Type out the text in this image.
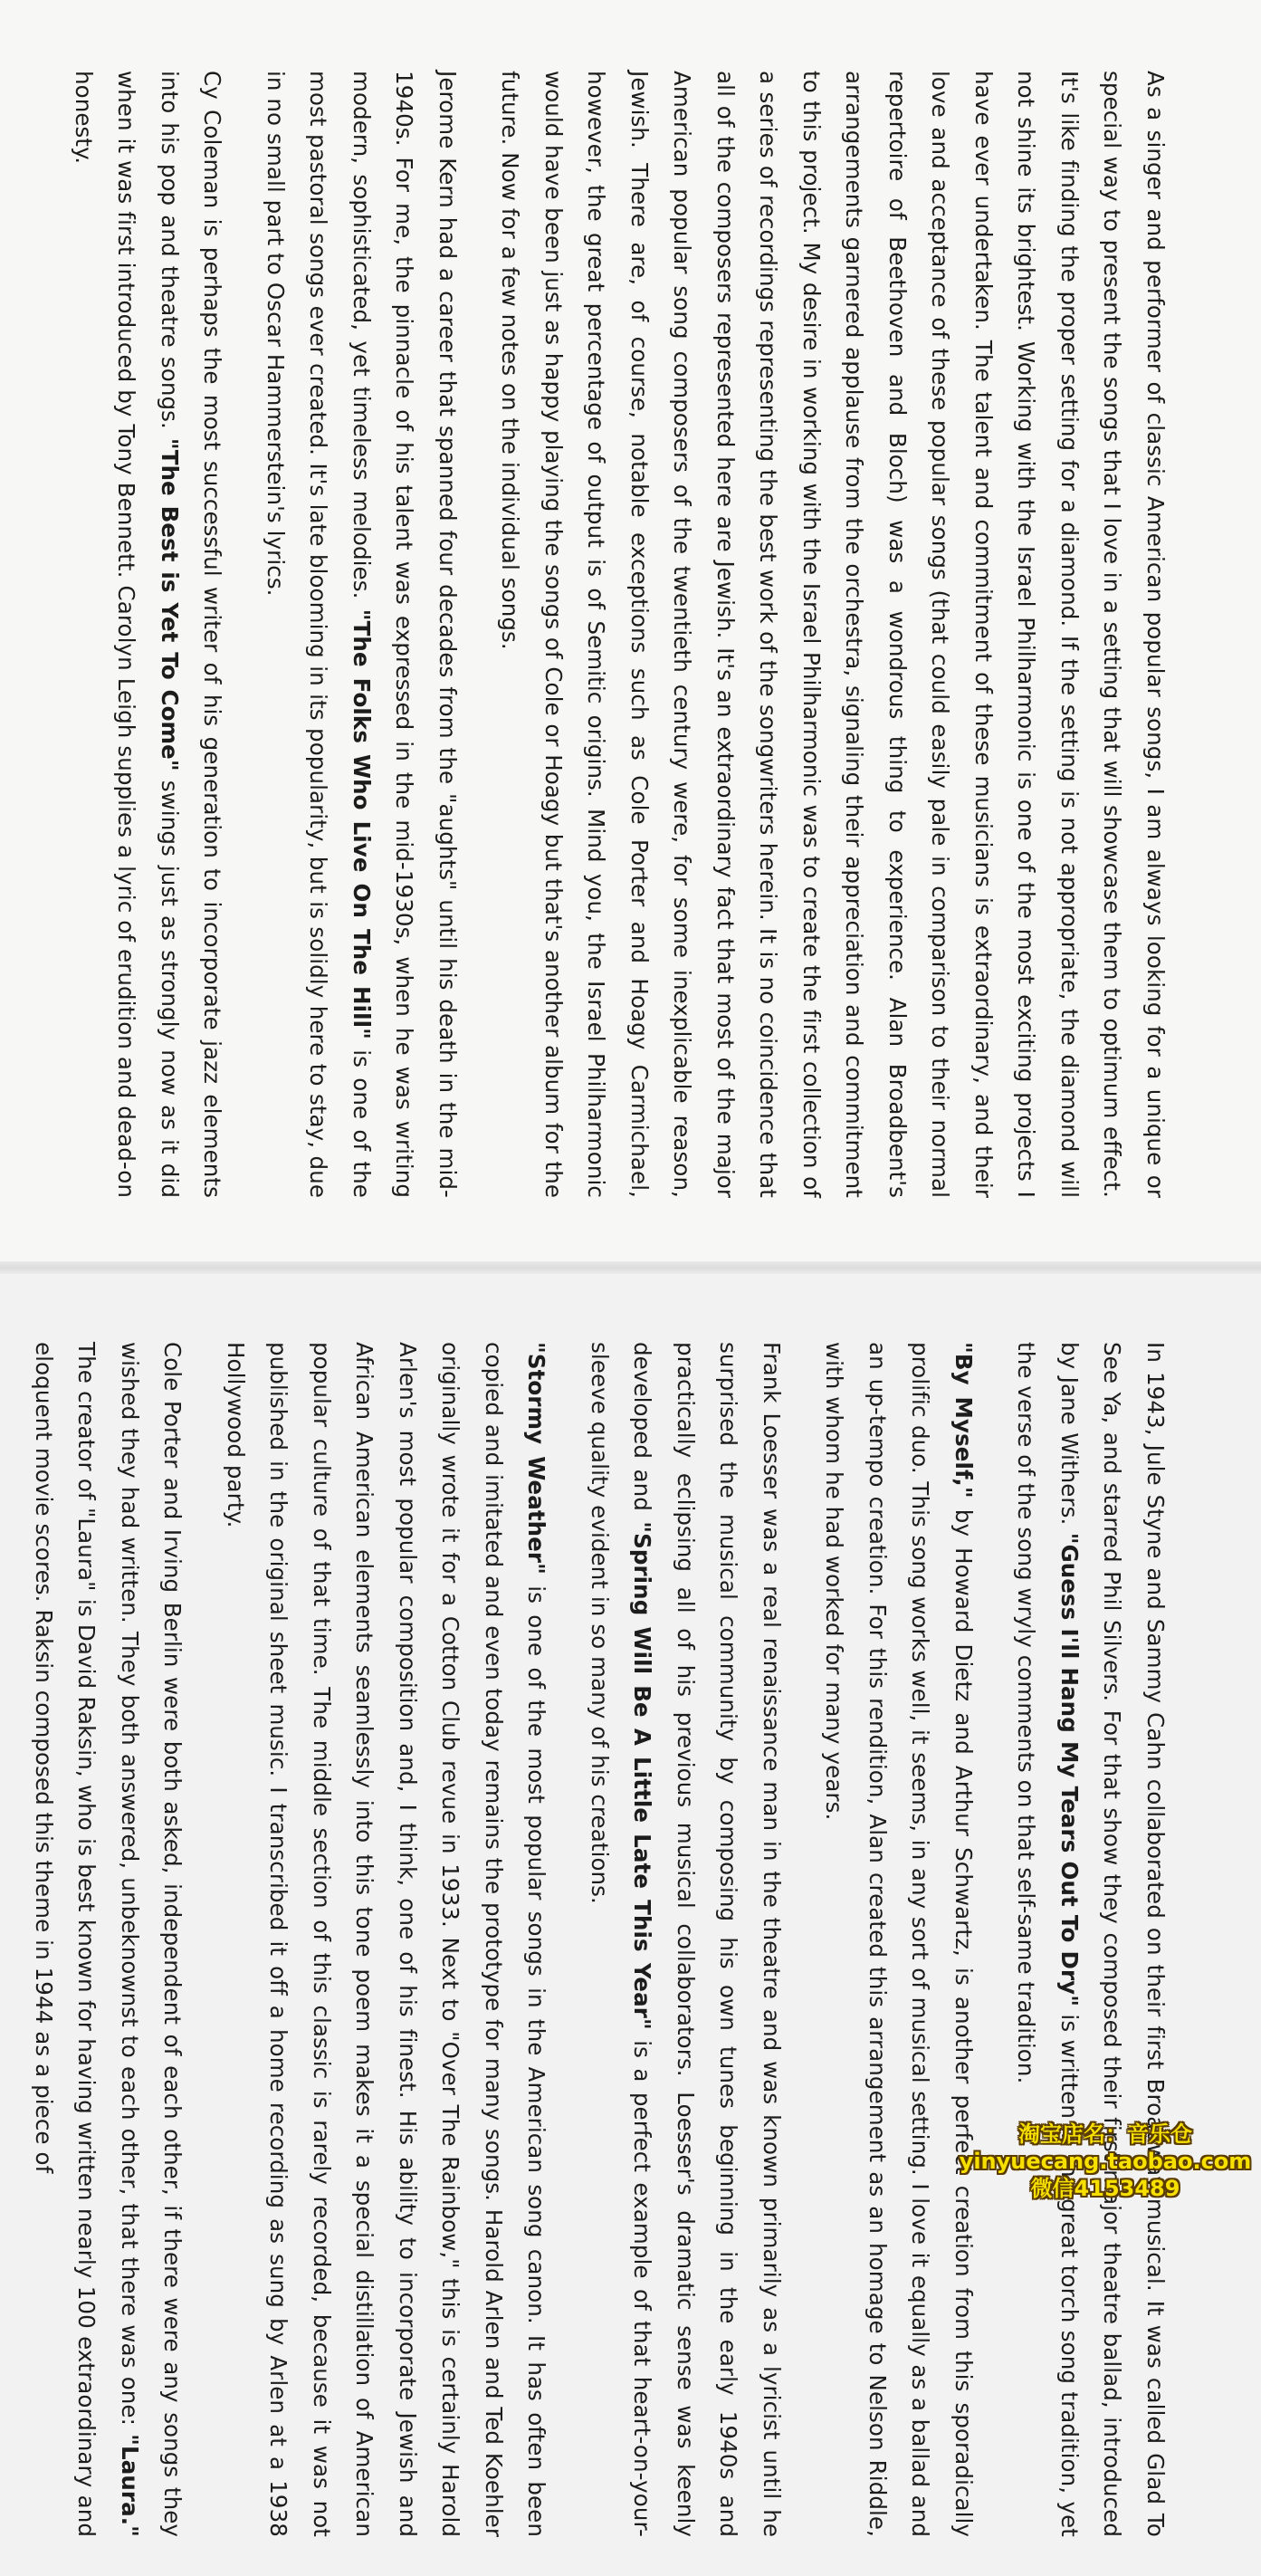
As a singer and performer of classic American popular songs, I am always looking for a unique or special way to present the songs that I love in a setting that will showcase them to optimum effect. It's like finding the proper setting for a diamond. If the setting is not appropriate, the diamond will not shine its brightest. Working with the Israel Philharmonic is one of the most exciting projects I have ever undertaken. The talent and commitment of these musicians is extraordinary, and their love and acceptance of these popular songs (that could easily pale in comparison to their normal repertoire of Beethoven and Bloch) was a wondrous thing to experience. Alan Broadbent's arrangements garnered applause from the orchestra, signaling their appreciation and commitment to this project. My desire in working with the Israel Philharmonic was to create the first collection of a series of recordings representing the best work of the songwriters herein. It is no coincidence that all of the composers represented here are Jewish. It's an extraordinary fact that most of the major American popular song composers of the twentieth century were, for some inexplicable reason, Jewish. There are, of course, notable exceptions such as Cole Porter and Hoagy Carmichael, however, the great percentage of output is of Semitic origins. Mind you, the Israel Philharmonic would have been just as happy playing the songs of Cole or Hoagy but that's another album for the future. Now for a few notes on the individual songs.

Jerome Kern had a career that spanned four decades from the "aughts" until his death in the mid-1940s. For me, the pinnacle of his talent was expressed in the mid-1930s, when he was writing modern, sophisticated, yet timeless melodies. "The Folks Who Live On The Hill" is one of the most pastoral songs ever created. It's late blooming in its popularity, but is solidly here to stay, due in no small part to Oscar Hammerstein's lyrics.

Cy Coleman is perhaps the most successful writer of his generation to incorporate jazz elements into his pop and theatre songs. "The Best is Yet To Come" swings just as strongly now as it did when it was first introduced by Tony Bennett. Carolyn Leigh supplies a lyric of erudition and dead-on honesty.

In 1943, Jule Styne and Sammy Cahn collaborated on their first Broadway musical. It was called Glad To See Ya, and starred Phil Silvers. For that show they composed their first major theatre ballad, introduced by Jane Withers. "Guess I'll Hang My Tears Out To Dry" is written in the great torch song tradition, yet the verse of the song wryly comments on that self-same tradition.

"By Myself," by Howard Dietz and Arthur Schwartz, is another perfect creation from this sporadically prolific duo. This song works well, it seems, in any sort of musical setting. I love it equally as a ballad and an up-tempo creation. For this rendition, Alan created this arrangement as an homage to Nelson Riddle, with whom he had worked for many years.

Frank Loesser was a real renaissance man in the theatre and was known primarily as a lyricist until he surprised the musical community by composing his own tunes beginning in the early 1940s and practically eclipsing all of his previous musical collaborators. Loesser's dramatic sense was keenly developed and "Spring Will Be A Little Late This Year" is a perfect example of that heart-on-your-sleeve quality evident in so many of his creations.

"Stormy Weather" is one of the most popular songs in the American song canon. It has often been copied and imitated and even today remains the prototype for many songs. Harold Arlen and Ted Koehler originally wrote it for a Cotton Club revue in 1933. Next to "Over The Rainbow," this is certainly Harold Arlen's most popular composition and, I think, one of his finest. His ability to incorporate Jewish and African American elements seamlessly into this tone poem makes it a special distillation of American popular culture of that time. The middle section of this classic is rarely recorded, because it was not published in the original sheet music. I transcribed it off a home recording as sung by Arlen at a 1938 Hollywood party.

Cole Porter and Irving Berlin were both asked, independent of each other, if there were any songs they wished they had written. They both answered, unbeknownst to each other, that there was one: "Laura." The creator of "Laura" is David Raksin, who is best known for having written nearly 100 extraordinary and eloquent movie scores. Raksin composed this theme in 1944 as a piece of	淘宝店名：音乐仓
yinyuecang.taobao.com
微信4153489
